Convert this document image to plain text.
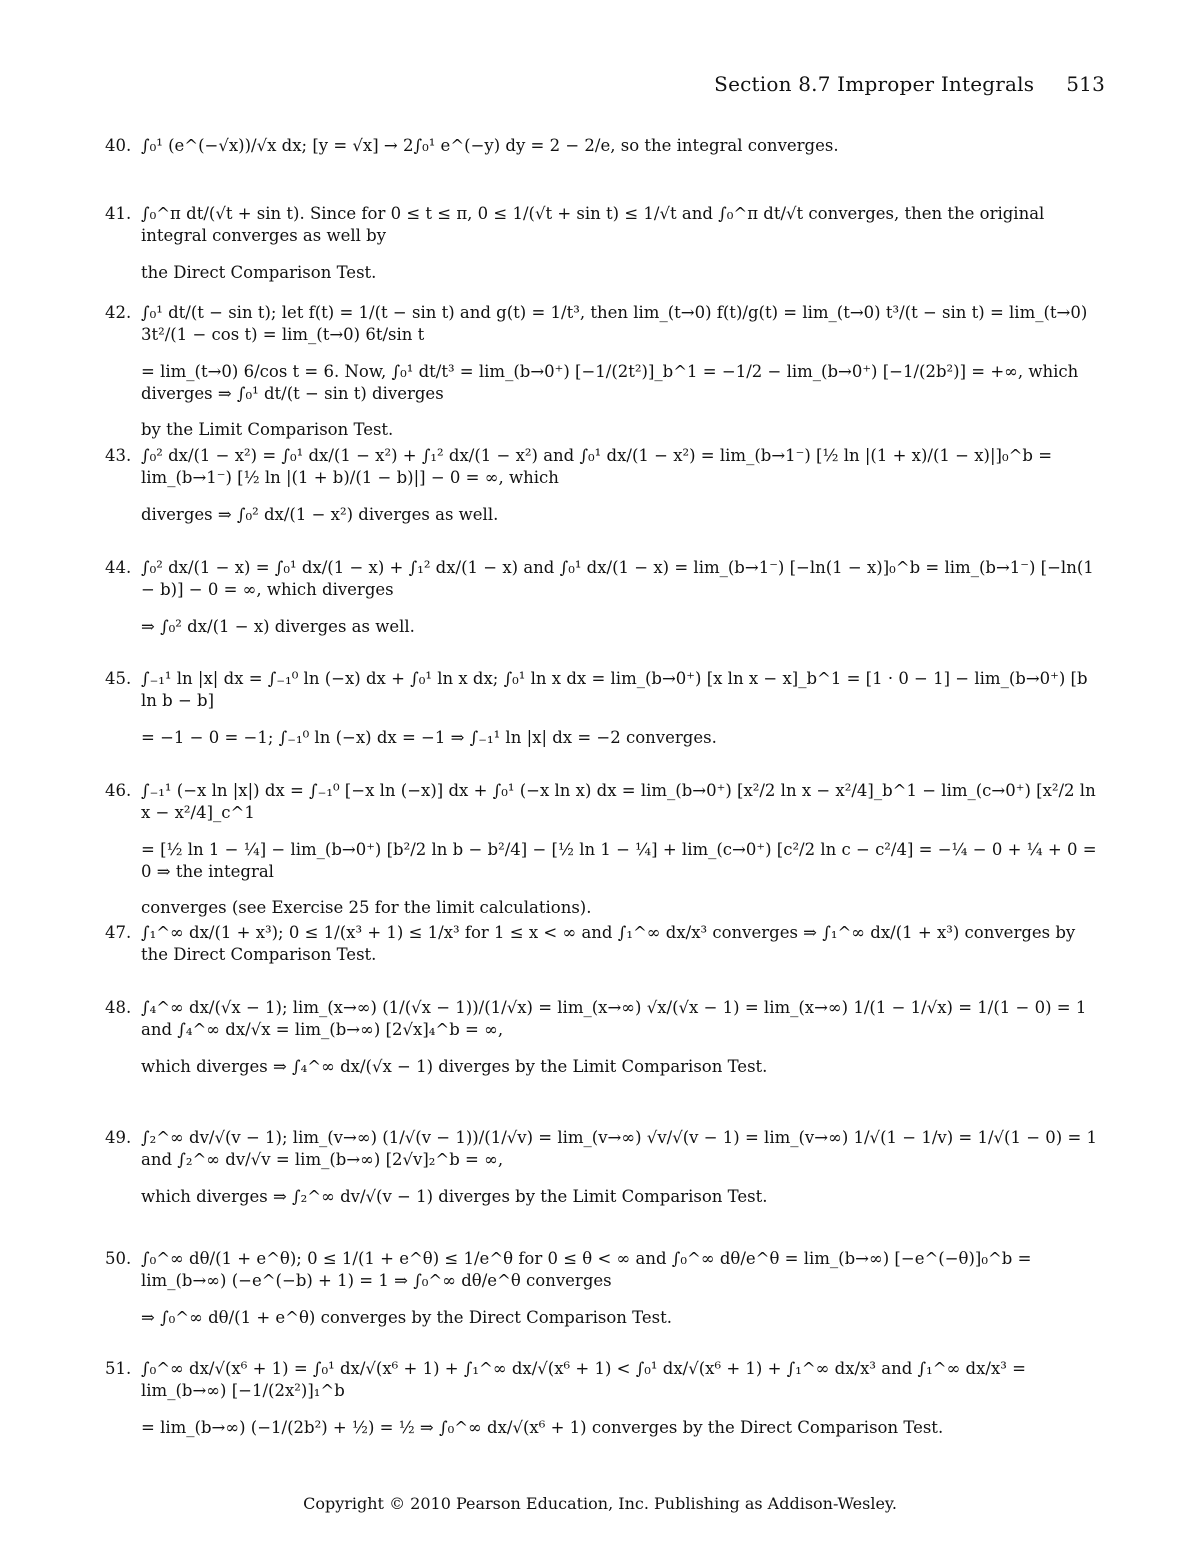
Section 8.7 Improper Integrals 513
40. ∫₀¹ (e^(−√x))/√x dx; [y = √x] → 2∫₀¹ e^(−y) dy = 2 − 2/e, so the integral converges.
41. ∫₀^π dt/(√t + sin t). Since for 0 ≤ t ≤ π, 0 ≤ 1/(√t + sin t) ≤ 1/√t and ∫₀^π dt/√t converges, then the original integral converges as well by
the Direct Comparison Test.
42. ∫₀¹ dt/(t − sin t); let f(t) = 1/(t − sin t) and g(t) = 1/t³, then lim_(t→0) f(t)/g(t) = lim_(t→0) t³/(t − sin t) = lim_(t→0) 3t²/(1 − cos t) = lim_(t→0) 6t/sin t
= lim_(t→0) 6/cos t = 6. Now, ∫₀¹ dt/t³ = lim_(b→0⁺) [−1/(2t²)]_b^1 = −1/2 − lim_(b→0⁺) [−1/(2b²)] = +∞, which diverges ⇒ ∫₀¹ dt/(t − sin t) diverges
by the Limit Comparison Test.
43. ∫₀² dx/(1 − x²) = ∫₀¹ dx/(1 − x²) + ∫₁² dx/(1 − x²) and ∫₀¹ dx/(1 − x²) = lim_(b→1⁻) [½ ln |(1 + x)/(1 − x)|]₀^b = lim_(b→1⁻) [½ ln |(1 + b)/(1 − b)|] − 0 = ∞, which
diverges ⇒ ∫₀² dx/(1 − x²) diverges as well.
44. ∫₀² dx/(1 − x) = ∫₀¹ dx/(1 − x) + ∫₁² dx/(1 − x) and ∫₀¹ dx/(1 − x) = lim_(b→1⁻) [−ln(1 − x)]₀^b = lim_(b→1⁻) [−ln(1 − b)] − 0 = ∞, which diverges
⇒ ∫₀² dx/(1 − x) diverges as well.
45. ∫₋₁¹ ln |x| dx = ∫₋₁⁰ ln (−x) dx + ∫₀¹ ln x dx; ∫₀¹ ln x dx = lim_(b→0⁺) [x ln x − x]_b^1 = [1 · 0 − 1] − lim_(b→0⁺) [b ln b − b]
= −1 − 0 = −1; ∫₋₁⁰ ln (−x) dx = −1 ⇒ ∫₋₁¹ ln |x| dx = −2 converges.
46. ∫₋₁¹ (−x ln |x|) dx = ∫₋₁⁰ [−x ln (−x)] dx + ∫₀¹ (−x ln x) dx = lim_(b→0⁺) [x²/2 ln x − x²/4]_b^1 − lim_(c→0⁺) [x²/2 ln x − x²/4]_c^1
= [½ ln 1 − ¼] − lim_(b→0⁺) [b²/2 ln b − b²/4] − [½ ln 1 − ¼] + lim_(c→0⁺) [c²/2 ln c − c²/4] = −¼ − 0 + ¼ + 0 = 0 ⇒ the integral
converges (see Exercise 25 for the limit calculations).
47. ∫₁^∞ dx/(1 + x³); 0 ≤ 1/(x³ + 1) ≤ 1/x³ for 1 ≤ x < ∞ and ∫₁^∞ dx/x³ converges ⇒ ∫₁^∞ dx/(1 + x³) converges by the Direct Comparison Test.
48. ∫₄^∞ dx/(√x − 1); lim_(x→∞) (1/(√x − 1))/(1/√x) = lim_(x→∞) √x/(√x − 1) = lim_(x→∞) 1/(1 − 1/√x) = 1/(1 − 0) = 1 and ∫₄^∞ dx/√x = lim_(b→∞) [2√x]₄^b = ∞,
which diverges ⇒ ∫₄^∞ dx/(√x − 1) diverges by the Limit Comparison Test.
49. ∫₂^∞ dv/√(v − 1); lim_(v→∞) (1/√(v − 1))/(1/√v) = lim_(v→∞) √v/√(v − 1) = lim_(v→∞) 1/√(1 − 1/v) = 1/√(1 − 0) = 1 and ∫₂^∞ dv/√v = lim_(b→∞) [2√v]₂^b = ∞,
which diverges ⇒ ∫₂^∞ dv/√(v − 1) diverges by the Limit Comparison Test.
50. ∫₀^∞ dθ/(1 + e^θ); 0 ≤ 1/(1 + e^θ) ≤ 1/e^θ for 0 ≤ θ < ∞ and ∫₀^∞ dθ/e^θ = lim_(b→∞) [−e^(−θ)]₀^b = lim_(b→∞) (−e^(−b) + 1) = 1 ⇒ ∫₀^∞ dθ/e^θ converges
⇒ ∫₀^∞ dθ/(1 + e^θ) converges by the Direct Comparison Test.
51. ∫₀^∞ dx/√(x⁶ + 1) = ∫₀¹ dx/√(x⁶ + 1) + ∫₁^∞ dx/√(x⁶ + 1) < ∫₀¹ dx/√(x⁶ + 1) + ∫₁^∞ dx/x³ and ∫₁^∞ dx/x³ = lim_(b→∞) [−1/(2x²)]₁^b
= lim_(b→∞) (−1/(2b²) + ½) = ½ ⇒ ∫₀^∞ dx/√(x⁶ + 1) converges by the Direct Comparison Test.
Copyright © 2010 Pearson Education, Inc. Publishing as Addison-Wesley.
